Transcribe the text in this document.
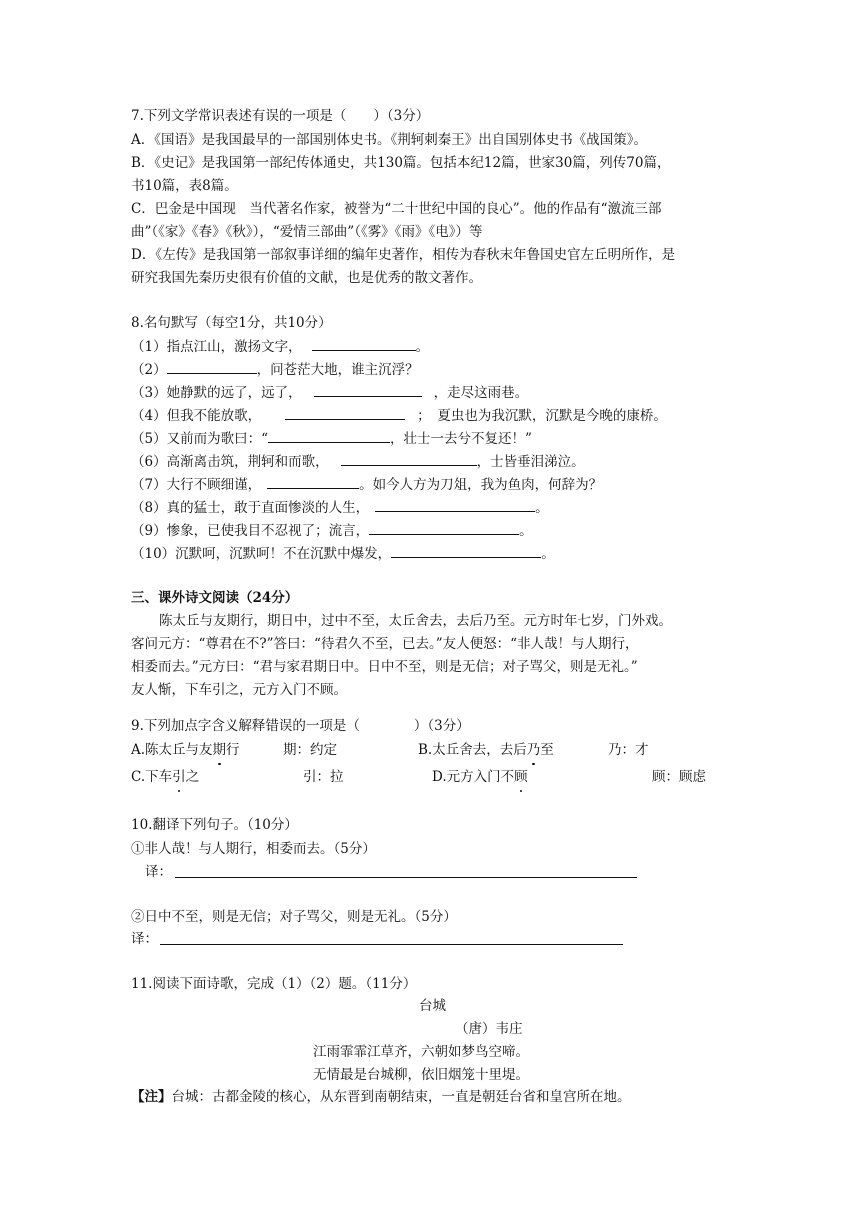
7.下列文学常识表述有误的一项是（　　）（3分）
A．《国语》是我国最早的一部国别体史书。《荆轲刺秦王》出自国别体史书《战国策》。
B．《史记》是我国第一部纪传体通史，共130篇。包括本纪12篇，世家30篇，列传70篇，
书10篇，表8篇。
C．巴金是中国现　当代著名作家，被誉为“二十世纪中国的良心”。他的作品有“激流三部
曲”（《家》《春》《秋》），“爱情三部曲”（《雾》《雨》《电》）等
D．《左传》是我国第一部叙事详细的编年史著作，相传为春秋末年鲁国史官左丘明所作，是
研究我国先秦历史很有价值的文献，也是优秀的散文著作。
8.名句默写（每空1分，共10分）
（1）指点江山，激扬文字，	。
（2）	，问苍茫大地，谁主沉浮？
（3）她静默的远了，远了，	，走尽这雨巷。
（4）但我不能放歌，	；　夏虫也为我沉默，沉默是今晚的康桥。
（5）又前而为歌曰：“	，壮士一去兮不复还！”
（6）高渐离击筑，荆轲和而歌，	，士皆垂泪涕泣。
（7）大行不顾细谨，	。如今人方为刀俎，我为鱼肉，何辞为？
（8）真的猛士，敢于直面惨淡的人生，	。
（9）惨象，已使我目不忍视了；流言，	。
（10）沉默呵，沉默呵！不在沉默中爆发，	。
三、课外诗文阅读（24分）
陈太丘与友期行，期日中，过中不至，太丘舍去，去后乃至。元方时年七岁，门外戏。
客问元方：“尊君在不?”答曰：“待君久不至，已去。”友人便怒：“非人哉！与人期行，
相委而去。”元方曰：“君与家君期日中。日中不至，则是无信；对子骂父，则是无礼。”
友人惭，下车引之，元方入门不顾。
9.下列加点字含义解释错误的一项是（　　　　）（3分）
A.陈太丘与友期行	期：约定	B.太丘舍去，去后乃至	乃：才
C.下车引之	引：拉	D.元方入门不顾	顾：顾虑
10.翻译下列句子。（10分）
①非人哉！与人期行，相委而去。（5分）
译：
②日中不至，则是无信；对子骂父，则是无礼。（5分）
译：
11.阅读下面诗歌，完成（1）（2）题。（11分）
台城
（唐）韦庄
江雨霏霏江草齐，六朝如梦鸟空啼。
无情最是台城柳，依旧烟笼十里堤。
【注】台城：古都金陵的核心，从东晋到南朝结束，一直是朝廷台省和皇宫所在地。
